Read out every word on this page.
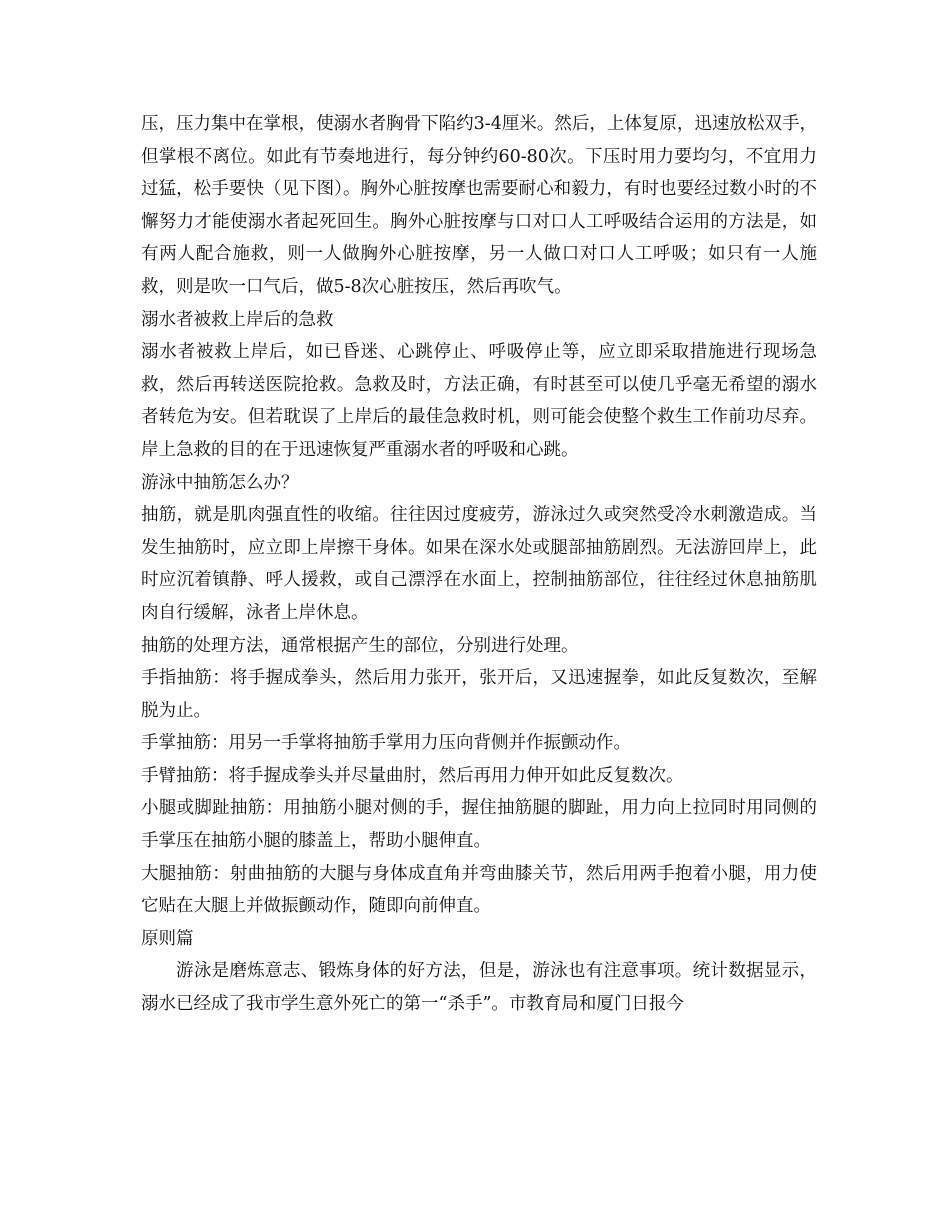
压，压力集中在掌根，使溺水者胸骨下陷约3-4厘米。然后，上体复原，迅速放松双手，但掌根不离位。如此有节奏地进行，每分钟约60-80次。下压时用力要均匀，不宜用力过猛，松手要快（见下图）。胸外心脏按摩也需要耐心和毅力，有时也要经过数小时的不懈努力才能使溺水者起死回生。胸外心脏按摩与口对口人工呼吸结合运用的方法是，如有两人配合施救，则一人做胸外心脏按摩，另一人做口对口人工呼吸；如只有一人施救，则是吹一口气后，做5-8次心脏按压，然后再吹气。

溺水者被救上岸后的急救

溺水者被救上岸后，如已昏迷、心跳停止、呼吸停止等，应立即采取措施进行现场急救，然后再转送医院抢救。急救及时，方法正确，有时甚至可以使几乎毫无希望的溺水者转危为安。但若耽误了上岸后的最佳急救时机，则可能会使整个救生工作前功尽弃。岸上急救的目的在于迅速恢复严重溺水者的呼吸和心跳。

游泳中抽筋怎么办？

抽筋，就是肌肉强直性的收缩。往往因过度疲劳，游泳过久或突然受冷水刺激造成。当发生抽筋时，应立即上岸擦干身体。如果在深水处或腿部抽筋剧烈。无法游回岸上，此时应沉着镇静、呼人援救，或自己漂浮在水面上，控制抽筋部位，往往经过休息抽筋肌肉自行缓解，泳者上岸休息。

抽筋的处理方法，通常根据产生的部位，分别进行处理。

手指抽筋：将手握成拳头，然后用力张开，张开后，又迅速握拳，如此反复数次，至解脱为止。

手掌抽筋：用另一手掌将抽筋手掌用力压向背侧并作振颤动作。

手臂抽筋：将手握成拳头并尽量曲肘，然后再用力伸开如此反复数次。

小腿或脚趾抽筋：用抽筋小腿对侧的手，握住抽筋腿的脚趾，用力向上拉同时用同侧的手掌压在抽筋小腿的膝盖上，帮助小腿伸直。

大腿抽筋：射曲抽筋的大腿与身体成直角并弯曲膝关节，然后用两手抱着小腿，用力使它贴在大腿上并做振颤动作，随即向前伸直。

原则篇

游泳是磨炼意志、锻炼身体的好方法，但是，游泳也有注意事项。统计数据显示，溺水已经成了我市学生意外死亡的第一“杀手”。市教育局和厦门日报今
